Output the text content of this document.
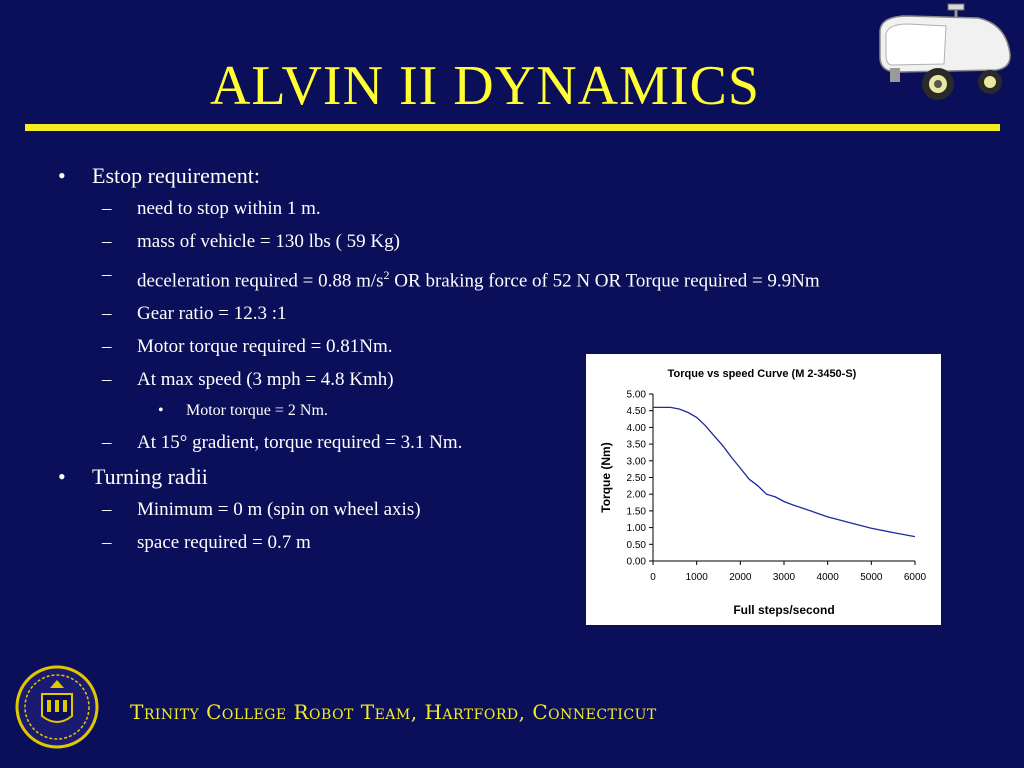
ALVIN II DYNAMICS
• Estop requirement:
– need to stop within 1 m.
– mass of vehicle = 130 lbs ( 59 Kg)
– deceleration required = 0.88 $m/s^2$ OR braking force of 52 N OR Torque required = 9.9Nm
– Gear ratio = 12.3 :1
– Motor torque required = 0.81Nm.
– At max speed (3 mph = 4.8 Kmh)
• Motor torque = 2 Nm.
– At 15° gradient, torque required = 3.1 Nm.
• Turning radii
– Minimum = 0 m (spin on wheel axis)
– space required = 0.7 m
Torque vs speed Curve (M 2-3450-S)
0.00
0.50
1.00
1.50
2.00
2.50
3.00
3.50
4.00
4.50
5.00
0	1000 2000 3000 4000 5000 6000
Full steps/second
Torque (Nm)
Trinity College Robot Team, Hartford, Connecticut
